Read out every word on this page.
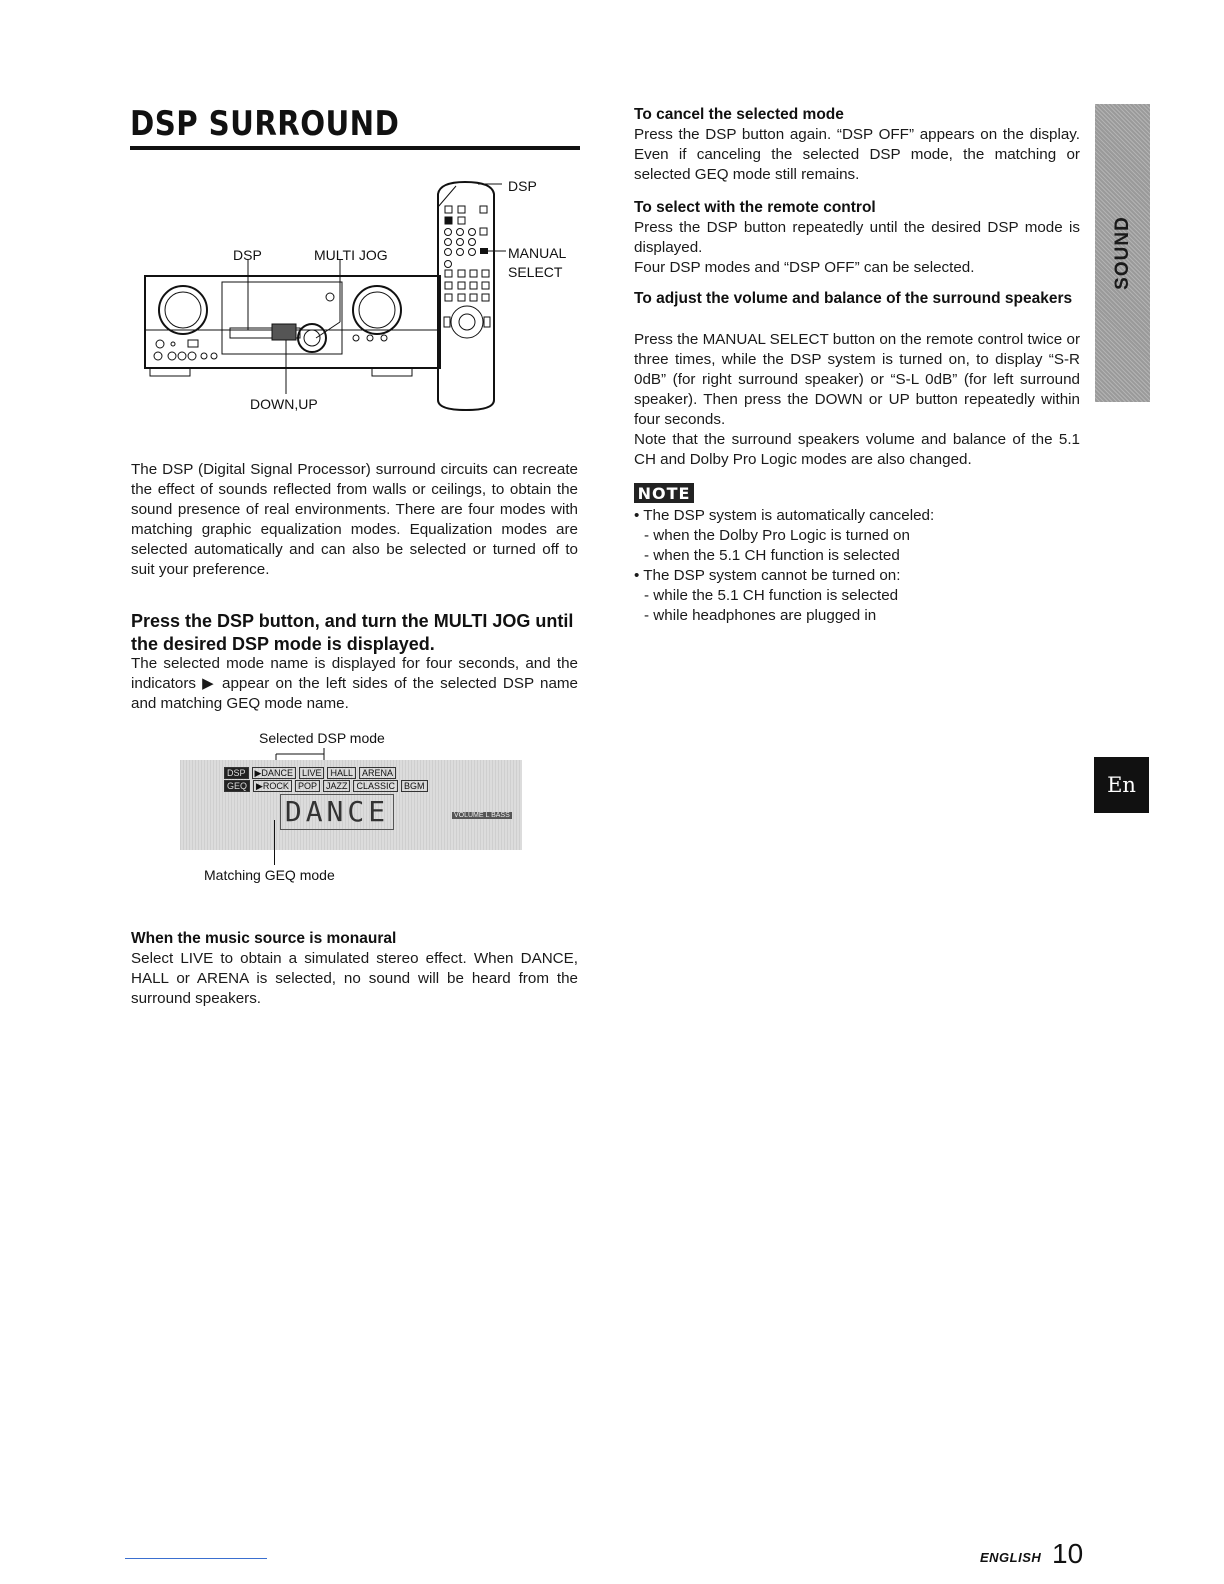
DSP SURROUND
DSP	MULTI JOG
DOWN,UP
DSP
MANUAL
SELECT
The DSP (Digital Signal Processor) surround circuits can recreate the effect of sounds reflected from walls or ceilings, to obtain the sound presence of real environments. There are four modes with matching graphic equalization modes. Equalization modes are selected automatically and can also be selected or turned off to suit your preference.
Press the DSP button, and turn the MULTI JOG until the desired DSP mode is displayed.
The selected mode name is displayed for four seconds, and the indicators ▶ appear on the left sides of the selected DSP name and matching GEQ mode name.
Selected DSP mode
DSP	▶DANCE	LIVE	HALL	ARENA
GEQ	▶ROCK	POP	JAZZ	CLASSIC	BGM
DANCE	VOLUME L BASS
Matching GEQ mode
When the music source is monaural
Select LIVE to obtain a simulated stereo effect. When DANCE, HALL or ARENA is selected, no sound will be heard from the surround speakers.
To cancel the selected mode
Press the DSP button again. “DSP OFF” appears on the display. Even if canceling the selected DSP mode, the matching or selected GEQ mode still remains.
To select with the remote control
Press the DSP button repeatedly until the desired DSP mode is displayed.
Four DSP modes and “DSP OFF” can be selected.
To adjust the volume and balance of the surround speakers
Press the MANUAL SELECT button on the remote control twice or three times, while the DSP system is turned on, to display “S-R 0dB” (for right surround speaker) or “S-L 0dB” (for left surround speaker). Then press the DOWN or UP button repeatedly within four seconds.
Note that the surround speakers volume and balance of the 5.1 CH and Dolby Pro Logic modes are also changed.
NOTE
• The DSP system is automatically canceled:
- when the Dolby Pro Logic is turned on
- when the 5.1 CH function is selected
• The DSP system cannot be turned on:
- while the 5.1 CH function is selected
- while headphones are plugged in
SOUND
En
ENGLISH 10
